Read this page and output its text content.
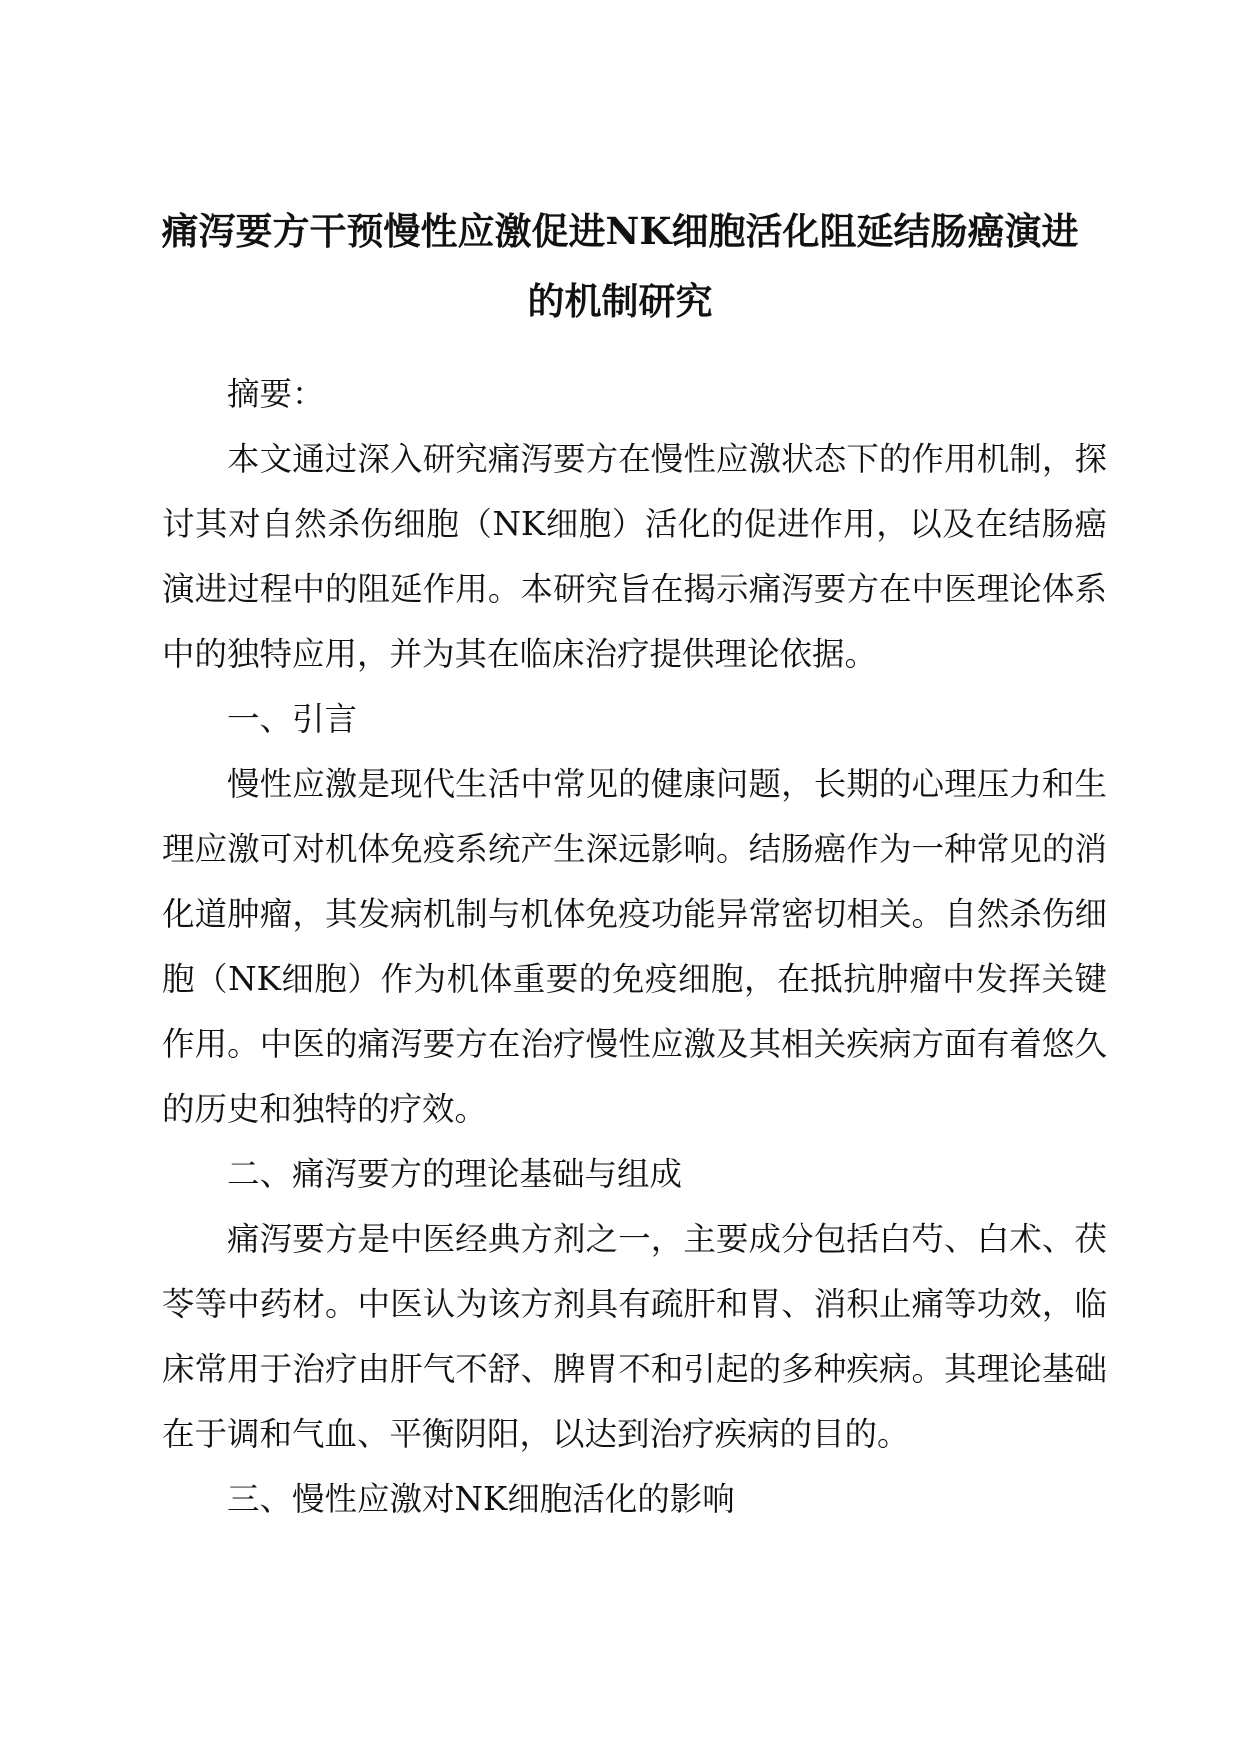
痛泻要方干预慢性应激促进NK细胞活化阻延结肠癌演进
的机制研究

摘要：

本文通过深入研究痛泻要方在慢性应激状态下的作用机制，探讨其对自然杀伤细胞（NK细胞）活化的促进作用，以及在结肠癌演进过程中的阻延作用。本研究旨在揭示痛泻要方在中医理论体系中的独特应用，并为其在临床治疗提供理论依据。

一、引言

慢性应激是现代生活中常见的健康问题，长期的心理压力和生理应激可对机体免疫系统产生深远影响。结肠癌作为一种常见的消化道肿瘤，其发病机制与机体免疫功能异常密切相关。自然杀伤细胞（NK细胞）作为机体重要的免疫细胞，在抵抗肿瘤中发挥关键作用。中医的痛泻要方在治疗慢性应激及其相关疾病方面有着悠久的历史和独特的疗效。

二、痛泻要方的理论基础与组成

痛泻要方是中医经典方剂之一，主要成分包括白芍、白术、茯苓等中药材。中医认为该方剂具有疏肝和胃、消积止痛等功效，临床常用于治疗由肝气不舒、脾胃不和引起的多种疾病。其理论基础在于调和气血、平衡阴阳，以达到治疗疾病的目的。

三、慢性应激对NK细胞活化的影响
